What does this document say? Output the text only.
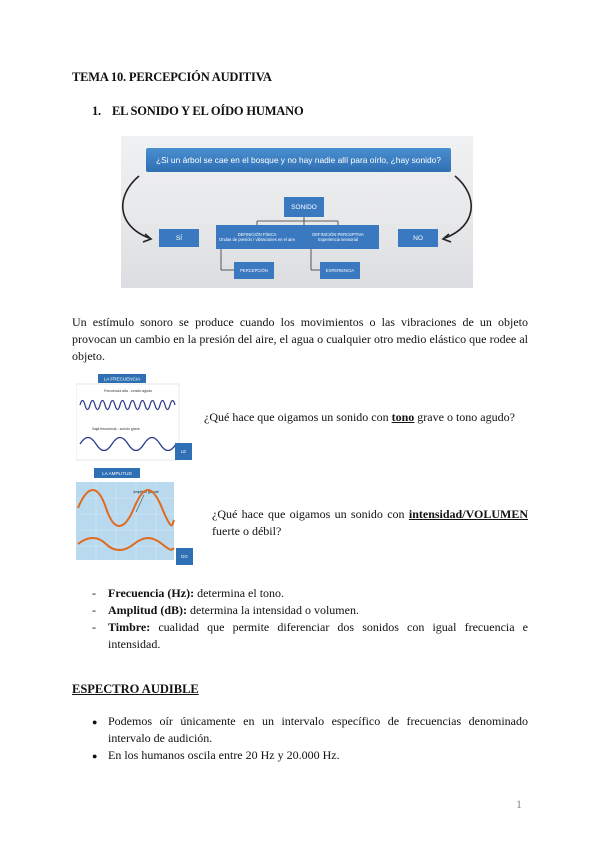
TEMA 10. PERCEPCIÓN AUDITIVA
1. EL SONIDO Y EL OÍDO HUMANO
¿Si un árbol se cae en el bosque y no hay nadie allí para oírlo, ¿hay sonido?
SONIDO
SÍ	NO
DEFINICIÓN FÍSICA
Ondas de presión / vibraciones en el aire
DEFINICIÓN PERCEPTIVA
Experiencia sensorial
PERCEPCIÓN	EXPERIENCIA

Un estímulo sonoro se produce cuando los movimientos o las vibraciones de un objeto provocan un cambio en la presión del aire, el agua o cualquier otro medio elástico que rodee al objeto.

LA FRECUENCIA
Frecuencia alta - sonido agudo
Baja frecuencia - sonido grave
LE
¿Qué hace que oigamos un sonido con tono grave o tono agudo?
LA AMPLITUD
Amplitud grande
DG
¿Qué hace que oigamos un sonido con intensidad/VOLUMEN fuerte o débil?
- Frecuencia (Hz): determina el tono.
- Amplitud (dB): determina la intensidad o volumen.
- Timbre: cualidad que permite diferenciar dos sonidos con igual frecuencia e intensidad.
ESPECTRO AUDIBLE
● Podemos oír únicamente en un intervalo específico de frecuencias denominado intervalo de audición.
● En los humanos oscila entre 20 Hz y 20.000 Hz.
1
